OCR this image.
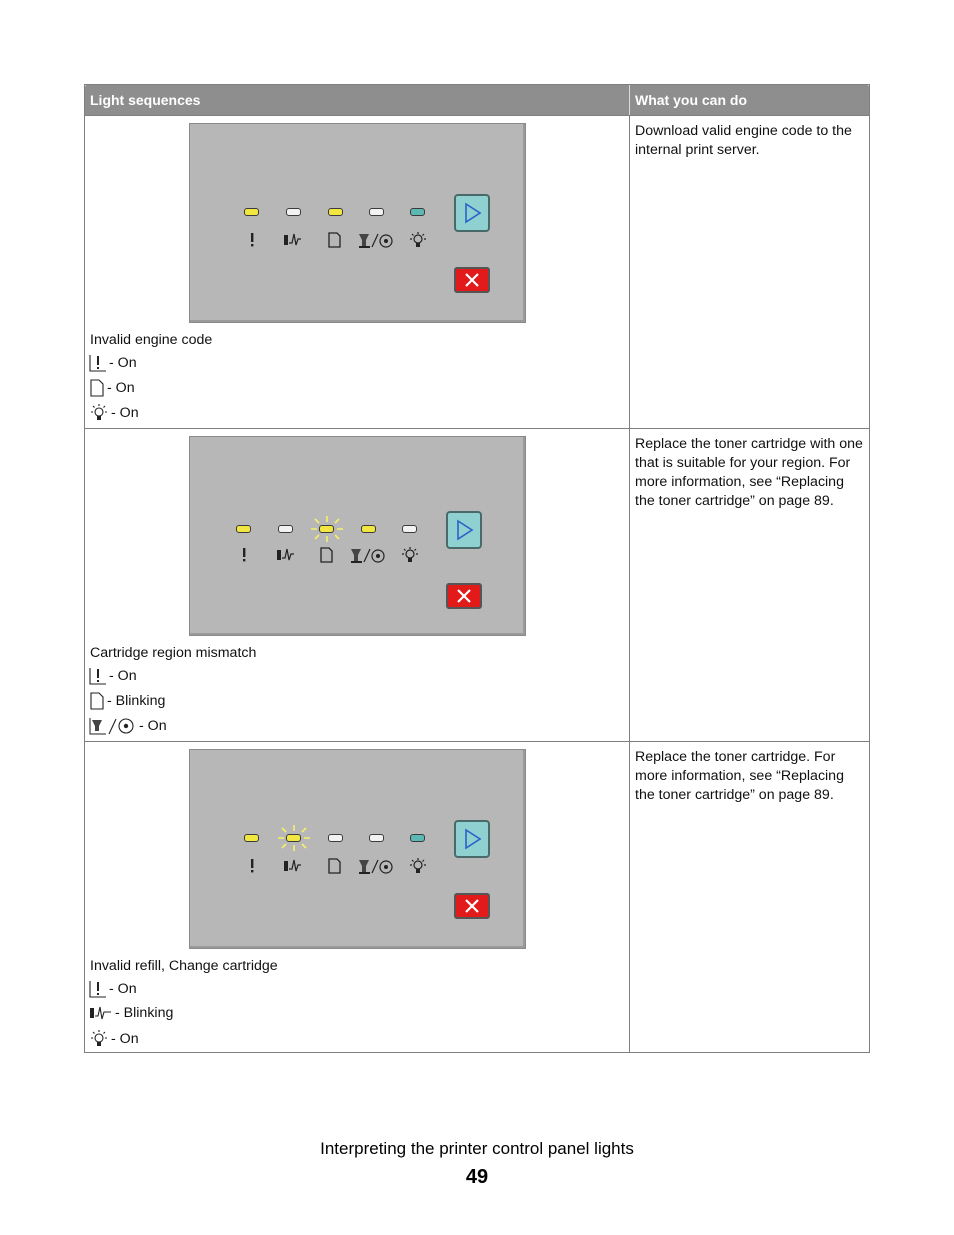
Light sequences	What you can do
Invalid engine code
- On
- On
- On
Download valid engine code to the internal print server.
Cartridge region mismatch
- On
- Blinking
- On
Replace the toner cartridge with one that is suitable for your region. For more information, see “Replacing the toner cartridge” on page 89.
Invalid refill, Change cartridge
- On
- Blinking
- On
Replace the toner cartridge. For more information, see “Replacing the toner cartridge” on page 89.
Interpreting the printer control panel lights
49
